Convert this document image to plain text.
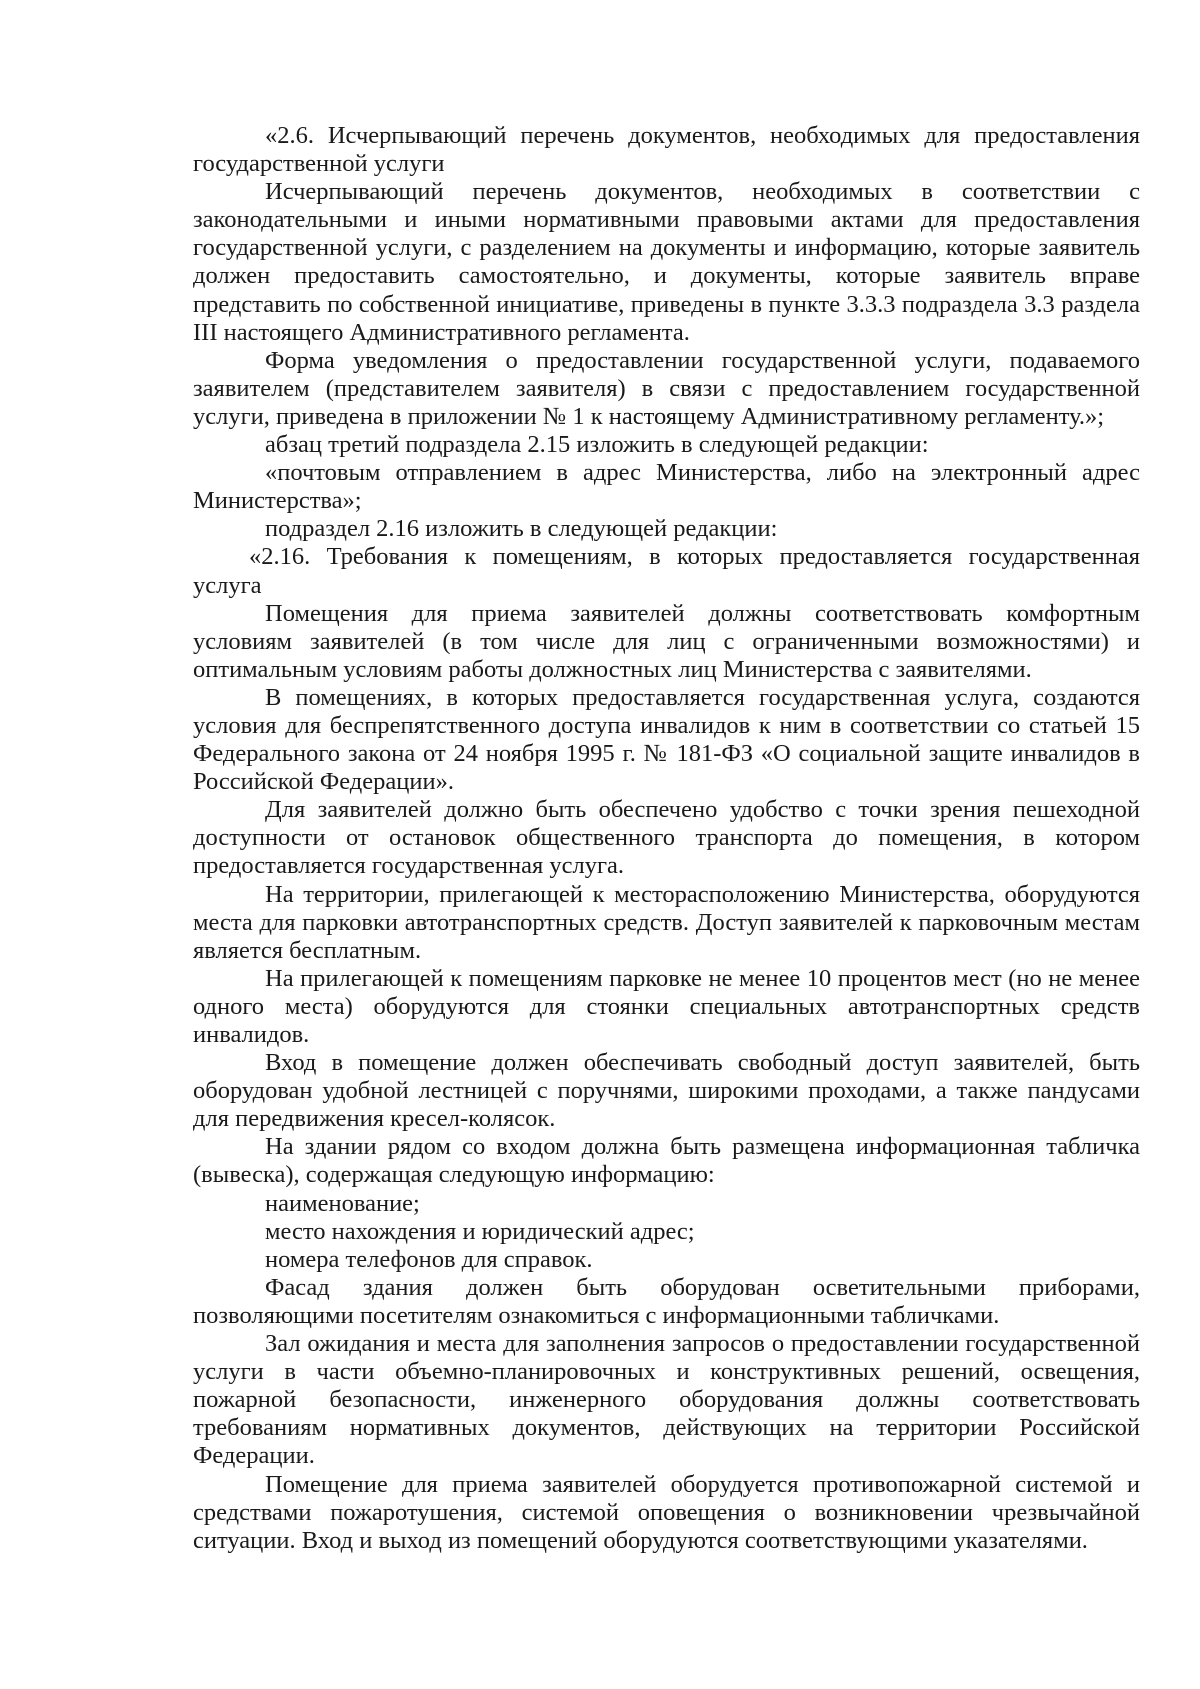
«2.6. Исчерпывающий перечень документов, необходимых для предоставления государственной услуги

Исчерпывающий перечень документов, необходимых в соответствии с законодательными и иными нормативными правовыми актами для предоставления государственной услуги, с разделением на документы и информацию, которые заявитель должен предоставить самостоятельно, и документы, которые заявитель вправе представить по собственной инициативе, приведены в пункте 3.3.3 подраздела 3.3 раздела III настоящего Административного регламента.

Форма уведомления о предоставлении государственной услуги, подаваемого заявителем (представителем заявителя) в связи с предоставлением государственной услуги, приведена в приложении № 1 к настоящему Административному регламенту.»;

абзац третий подраздела 2.15 изложить в следующей редакции:

«почтовым отправлением в адрес Министерства, либо на электронный адрес Министерства»;

подраздел 2.16 изложить в следующей редакции:

«2.16. Требования к помещениям, в которых предоставляется государственная услуга

Помещения для приема заявителей должны соответствовать комфортным условиям заявителей (в том числе для лиц с ограниченными возможностями) и оптимальным условиям работы должностных лиц Министерства с заявителями.

В помещениях, в которых предоставляется государственная услуга, создаются условия для беспрепятственного доступа инвалидов к ним в соответствии со статьей 15 Федерального закона от 24 ноября 1995 г. № 181-ФЗ «О социальной защите инвалидов в Российской Федерации».

Для заявителей должно быть обеспечено удобство с точки зрения пешеходной доступности от остановок общественного транспорта до помещения, в котором предоставляется государственная услуга.

На территории, прилегающей к месторасположению Министерства, оборудуются места для парковки автотранспортных средств. Доступ заявителей к парковочным местам является бесплатным.

На прилегающей к помещениям парковке не менее 10 процентов мест (но не менее одного места) оборудуются для стоянки специальных автотранспортных средств инвалидов.

Вход в помещение должен обеспечивать свободный доступ заявителей, быть оборудован удобной лестницей с поручнями, широкими проходами, а также пандусами для передвижения кресел-колясок.

На здании рядом со входом должна быть размещена информационная табличка (вывеска), содержащая следующую информацию:

наименование;

место нахождения и юридический адрес;

номера телефонов для справок.

Фасад здания должен быть оборудован осветительными приборами, позволяющими посетителям ознакомиться с информационными табличками.

Зал ожидания и места для заполнения запросов о предоставлении государственной услуги в части объемно-планировочных и конструктивных решений, освещения, пожарной безопасности, инженерного оборудования должны соответствовать требованиям нормативных документов, действующих на территории Российской Федерации.

Помещение для приема заявителей оборудуется противопожарной системой и средствами пожаротушения, системой оповещения о возникновении чрезвычайной ситуации. Вход и выход из помещений оборудуются соответствующими указателями.
